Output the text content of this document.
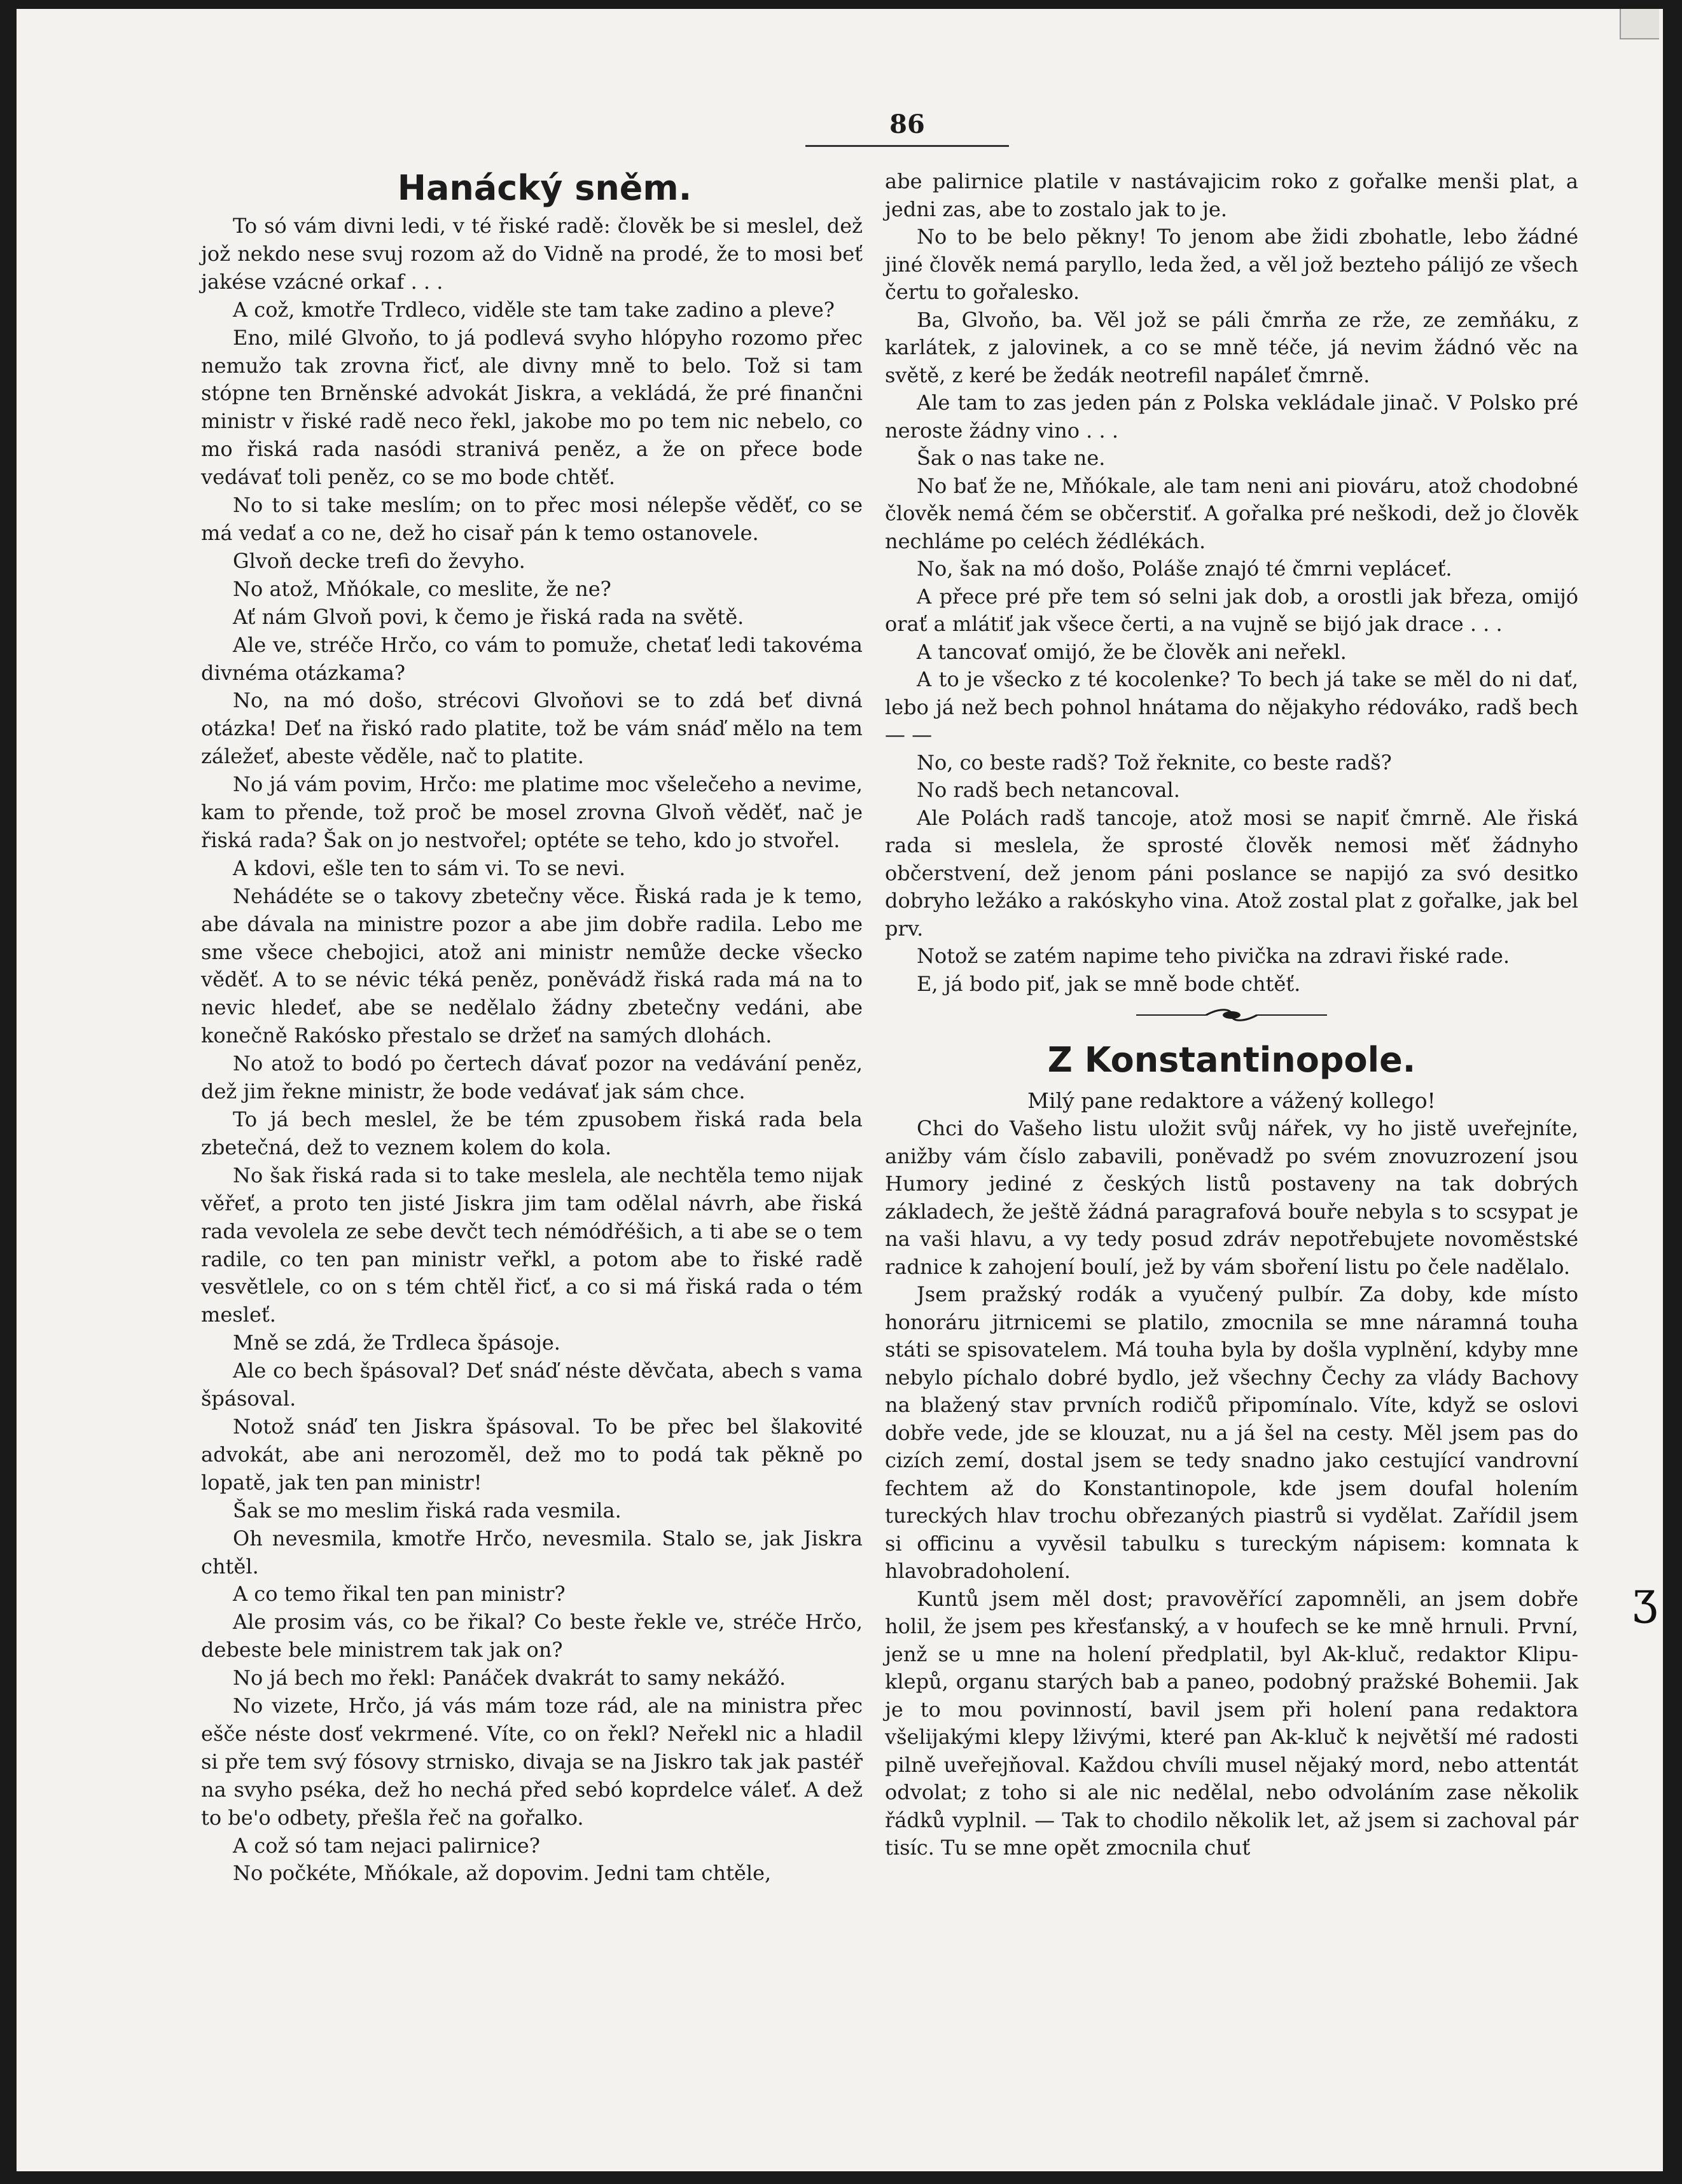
86
Hanácký sněm.

To só vám divni ledi, v té řiské radě: člověk be si meslel, dež jož nekdo nese svuj rozom až do Vidně na prodé, že to mosi beť jakése vzácné orkaf . . .

A což, kmotře Trdleco, viděle ste tam take zadino a pleve?

Eno, milé Glvoňo, to já podlevá svyho hlópyho rozomo přec nemužo tak zrovna řicť, ale divny mně to belo. Tož si tam stópne ten Brněnské advokát Jiskra, a vekládá, že pré finančni ministr v řiské radě neco řekl, jakobe mo po tem nic nebelo, co mo řiská rada nasódi stranivá peněz, a že on přece bode vedávať toli peněz, co se mo bode chtěť.

No to si take meslím; on to přec mosi nélepše věděť, co se má vedať a co ne, dež ho cisař pán k temo ostanovele.

Glvoň decke trefi do ževyho.

No atož, Mňókale, co meslite, že ne?

Ať nám Glvoň povi, k čemo je řiská rada na světě.

Ale ve, stréče Hrčo, co vám to pomuže, chetať ledi takovéma divnéma otázkama?

No, na mó došo, strécovi Glvoňovi se to zdá beť divná otázka! Deť na řiskó rado platite, tož be vám snáď mělo na tem záležeť, abeste věděle, nač to platite.

No já vám povim, Hrčo: me platime moc všelečeho a nevime, kam to přende, tož proč be mosel zrovna Glvoň věděť, nač je řiská rada? Šak on jo nestvořel; optéte se teho, kdo jo stvořel.

A kdovi, ešle ten to sám vi. To se nevi.

Nehádéte se o takovy zbetečny věce. Řiská rada je k temo, abe dávala na ministre pozor a abe jim dobře radila. Lebo me sme všece chebojici, atož ani ministr nemůže decke všecko věděť. A to se névic téká peněz, poněvádž řiská rada má na to nevic hledeť, abe se nedělalo žádny zbetečny vedáni, abe konečně Rakósko přestalo se držeť na samých dlohách.

No atož to bodó po čertech dávať pozor na vedávání peněz, dež jim řekne ministr, že bode vedávať jak sám chce.

To já bech meslel, že be tém zpusobem řiská rada bela zbetečná, dež to veznem kolem do kola.

No šak řiská rada si to take meslela, ale nechtěla temo nijak věřeť, a proto ten jisté Jiskra jim tam odělal návrh, abe řiská rada vevolela ze sebe devčt tech némódřéšich, a ti abe se o tem radile, co ten pan ministr veřkl, a potom abe to řiské radě vesvětlele, co on s tém chtěl řicť, a co si má řiská rada o tém mesleť.

Mně se zdá, že Trdleca špásoje.

Ale co bech špásoval? Deť snáď néste děvčata, abech s vama špásoval.

Notož snáď ten Jiskra špásoval. To be přec bel šlakovité advokát, abe ani nerozoměl, dež mo to podá tak pěkně po lopatě, jak ten pan ministr!

Šak se mo meslim řiská rada vesmila.

Oh nevesmila, kmotře Hrčo, nevesmila. Stalo se, jak Jiskra chtěl.

A co temo řikal ten pan ministr?

Ale prosim vás, co be řikal? Co beste řekle ve, stréče Hrčo, debeste bele ministrem tak jak on?

No já bech mo řekl: Panáček dvakrát to samy nekážó.

No vizete, Hrčo, já vás mám toze rád, ale na ministra přec ešče néste dosť vekrmené. Víte, co on řekl? Neřekl nic a hladil si pře tem svý fósovy strnisko, divaja se na Jiskro tak jak pastéř na svyho pséka, dež ho nechá před sebó koprdelce váleť. A dež to be'o odbety, přešla řeč na gořalko.

A což só tam nejaci palirnice?

No počkéte, Mňókale, až dopovim. Jedni tam chtěle,

abe palirnice platile v nastávajicim roko z gořalke menši plat, a jedni zas, abe to zostalo jak to je.

No to be belo pěkny! To jenom abe židi zbohatle, lebo žádné jiné člověk nemá paryllo, leda žed, a věl jož bezteho pálijó ze všech čertu to gořalesko.

Ba, Glvoňo, ba. Věl jož se páli čmrňa ze rže, ze zemňáku, z karlátek, z jalovinek, a co se mně téče, já nevim žádnó věc na světě, z keré be žedák neotrefil napáleť čmrně.

Ale tam to zas jeden pán z Polska vekládale jinač. V Polsko pré neroste žádny vino . . .

Šak o nas take ne.

No bať že ne, Mňókale, ale tam neni ani piováru, atož chodobné člověk nemá čém se občerstiť. A gořalka pré neškodi, dež jo člověk nechláme po celéch žédlékách.

No, šak na mó došo, Poláše znajó té čmrni vepláceť.

A přece pré pře tem só selni jak dob, a orostli jak březa, omijó orať a mlátiť jak všece čerti, a na vujně se bijó jak drace . . .

A tancovať omijó, že be člověk ani neřekl.

A to je všecko z té kocolenke? To bech já take se měl do ni dať, lebo já než bech pohnol hnátama do nějakyho rédováko, radš bech — —

No, co beste radš? Tož řeknite, co beste radš?

No radš bech netancoval.

Ale Polách radš tancoje, atož mosi se napiť čmrně. Ale řiská rada si meslela, že sprosté člověk nemosi měť žádnyho občerstvení, dež jenom páni poslance se napijó za svó desitko dobryho ležáko a rakóskyho vina. Atož zostal plat z gořalke, jak bel prv.

Notož se zatém napime teho pivička na zdravi řiské rade.

E, já bodo piť, jak se mně bode chtěť.

Z Konstantinopole.
Milý pane redaktore a vážený kollego!

Chci do Vašeho listu uložit svůj nářek, vy ho jistě uveřejníte, anižby vám číslo zabavili, poněvadž po svém znovuzrození jsou Humory jediné z českých listů postaveny na tak dobrých základech, že ještě žádná paragrafová bouře nebyla s to scsypat je na vaši hlavu, a vy tedy posud zdráv nepotřebujete novoměstské radnice k zahojení boulí, jež by vám sboření listu po čele nadělalo.

Jsem pražský rodák a vyučený pulbír. Za doby, kde místo honoráru jitrnicemi se platilo, zmocnila se mne náramná touha státi se spisovatelem. Má touha byla by došla vyplnění, kdyby mne nebylo píchalo dobré bydlo, jež všechny Čechy za vlády Bachovy na blažený stav prvních rodičů připomínalo. Víte, když se oslovi dobře vede, jde se klouzat, nu a já šel na cesty. Měl jsem pas do cizích zemí, dostal jsem se tedy snadno jako cestující vandrovní fechtem až do Konstantinopole, kde jsem doufal holením tureckých hlav trochu obřezaných piastrů si vydělat. Zařídil jsem si officinu a vyvěsil tabulku s tureckým nápisem: komnata k hlavobradoholení.

Kuntů jsem měl dost; pravověřící zapomněli, an jsem dobře holil, že jsem pes křesťanský, a v houfech se ke mně hrnuli. První, jenž se u mne na holení předplatil, byl Ak-kluč, redaktor Klipu-klepů, organu starých bab a paneo, podobný pražské Bohemii. Jak je to mou povinností, bavil jsem při holení pana redaktora všelijakými klepy lživými, které pan Ak-kluč k největší mé radosti pilně uveřejňoval. Každou chvíli musel nějaký mord, nebo attentát odvolat; z toho si ale nic nedělal, nebo odvoláním zase několik řádků vyplnil. — Tak to chodilo několik let, až jsem si zachoval pár tisíc. Tu se mne opět zmocnila chuť

ʒ
